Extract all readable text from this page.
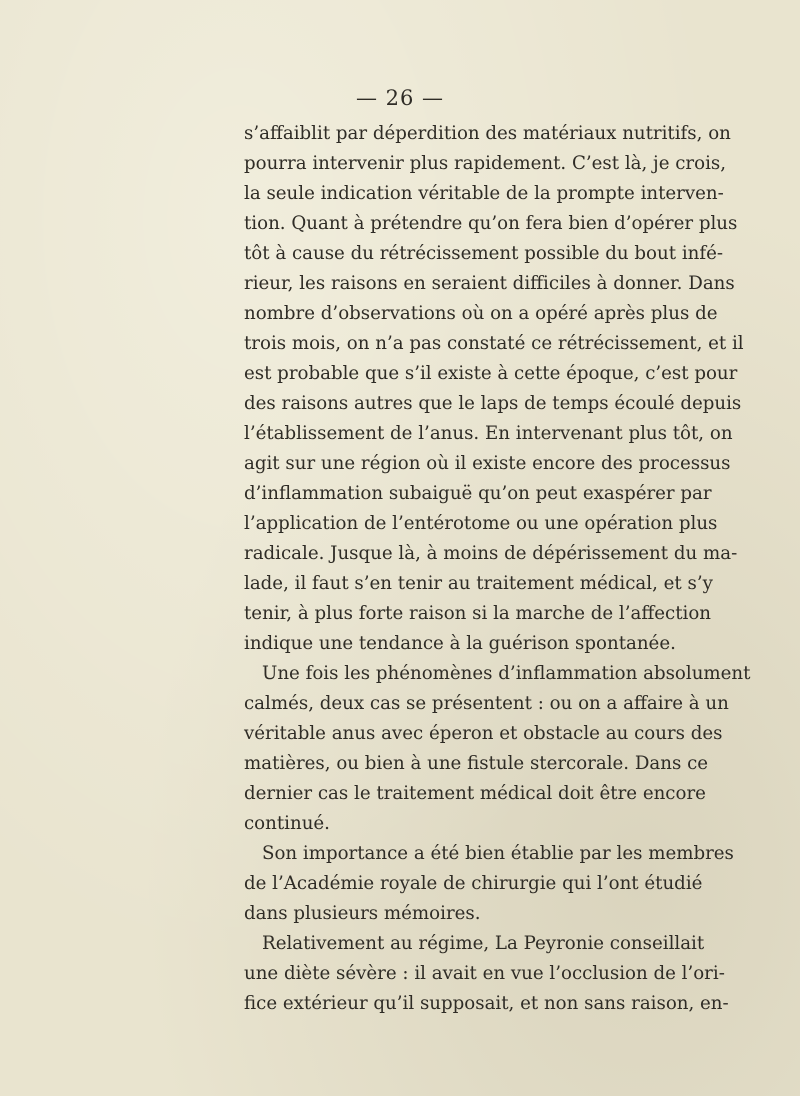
— 26 —
s’affaiblit par déperdition des matériaux nutritifs, on
pourra intervenir plus rapidement. C’est là, je crois,
la seule indication véritable de la prompte interven-
tion. Quant à prétendre qu’on fera bien d’opérer plus
tôt à cause du rétrécissement possible du bout infé-
rieur, les raisons en seraient difficiles à donner. Dans
nombre d’observations où on a opéré après plus de
trois mois, on n’a pas constaté ce rétrécissement, et il
est probable que s’il existe à cette époque, c’est pour
des raisons autres que le laps de temps écoulé depuis
l’établissement de l’anus. En intervenant plus tôt, on
agit sur une région où il existe encore des processus
d’inflammation subaiguë qu’on peut exaspérer par
l’application de l’entérotome ou une opération plus
radicale. Jusque là, à moins de dépérissement du ma-
lade, il faut s’en tenir au traitement médical, et s’y
tenir, à plus forte raison si la marche de l’affection
indique une tendance à la guérison spontanée.
Une fois les phénomènes d’inflammation absolument
calmés, deux cas se présentent : ou on a affaire à un
véritable anus avec éperon et obstacle au cours des
matières, ou bien à une fistule stercorale. Dans ce
dernier cas le traitement médical doit être encore
continué.
Son importance a été bien établie par les membres
de l’Académie royale de chirurgie qui l’ont étudié
dans plusieurs mémoires.
Relativement au régime, La Peyronie conseillait
une diète sévère : il avait en vue l’occlusion de l’ori-
fice extérieur qu’il supposait, et non sans raison, en-
